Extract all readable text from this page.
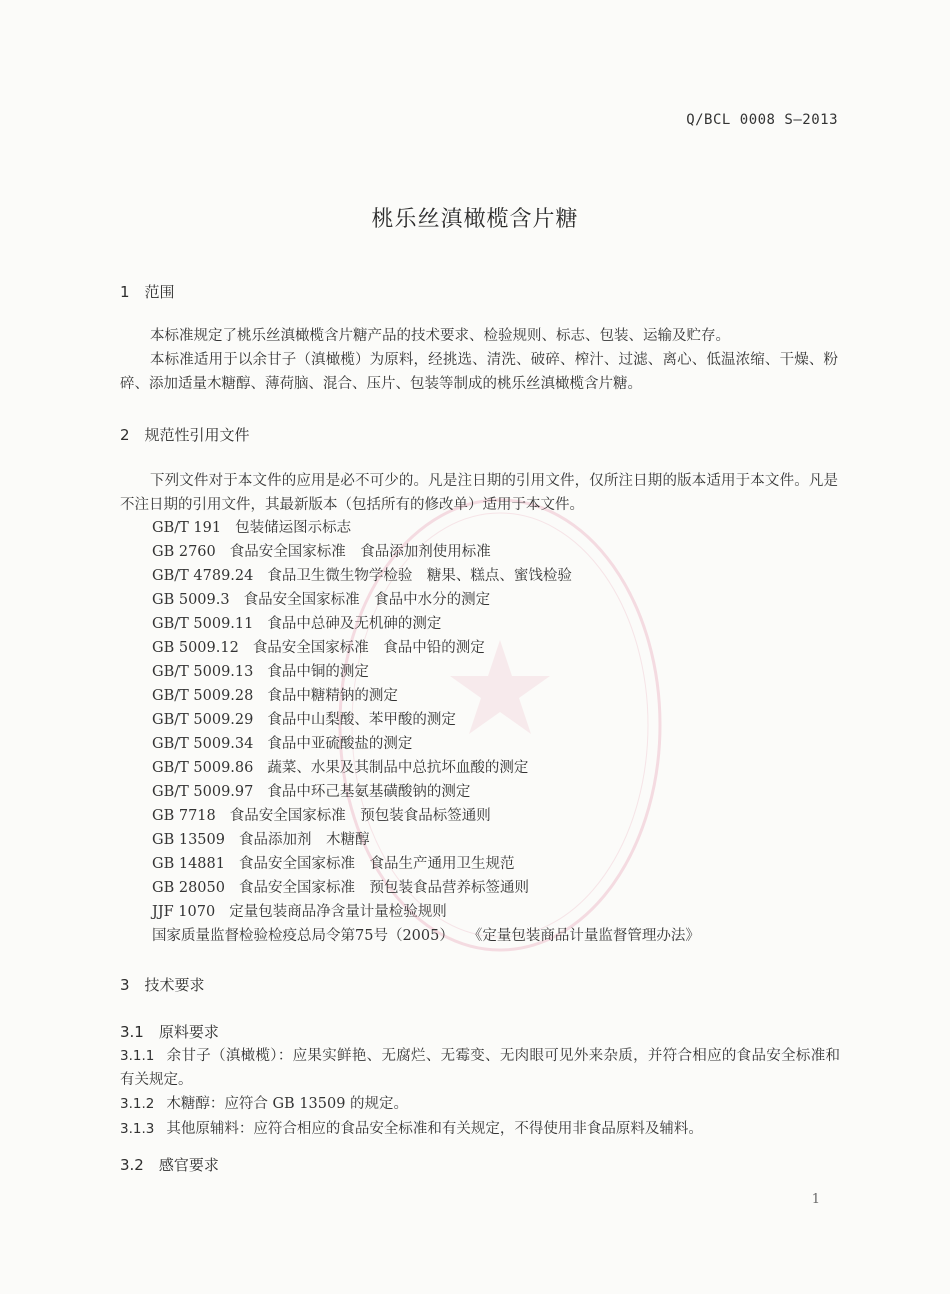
Q/BCL 0008 S—2013
桃乐丝滇橄榄含片糖
1　范围
本标准规定了桃乐丝滇橄榄含片糖产品的技术要求、检验规则、标志、包装、运输及贮存。
本标准适用于以余甘子（滇橄榄）为原料，经挑选、清洗、破碎、榨汁、过滤、离心、低温浓缩、干燥、粉碎、添加适量木糖醇、薄荷脑、混合、压片、包装等制成的桃乐丝滇橄榄含片糖。
2　规范性引用文件
下列文件对于本文件的应用是必不可少的。凡是注日期的引用文件，仅所注日期的版本适用于本文件。凡是不注日期的引用文件，其最新版本（包括所有的修改单）适用于本文件。
GB/T 191 包装储运图示标志
GB 2760 食品安全国家标准　食品添加剂使用标准
GB/T 4789.24 食品卫生微生物学检验　糖果、糕点、蜜饯检验
GB 5009.3 食品安全国家标准　食品中水分的测定
GB/T 5009.11 食品中总砷及无机砷的测定
GB 5009.12 食品安全国家标准　食品中铅的测定
GB/T 5009.13 食品中铜的测定
GB/T 5009.28 食品中糖精钠的测定
GB/T 5009.29 食品中山梨酸、苯甲酸的测定
GB/T 5009.34 食品中亚硫酸盐的测定
GB/T 5009.86 蔬菜、水果及其制品中总抗坏血酸的测定
GB/T 5009.97 食品中环己基氨基磺酸钠的测定
GB 7718 食品安全国家标准　预包装食品标签通则
GB 13509 食品添加剂　木糖醇
GB 14881 食品安全国家标准　食品生产通用卫生规范
GB 28050 食品安全国家标准　预包装食品营养标签通则
JJF 1070 定量包装商品净含量计量检验规则
国家质量监督检验检疫总局令第75号（2005） 《定量包装商品计量监督管理办法》
3　技术要求
3.1　原料要求
3.1.1 余甘子（滇橄榄）：应果实鲜艳、无腐烂、无霉变、无肉眼可见外来杂质，并符合相应的食品安全标准和有关规定。
3.1.2 木糖醇：应符合 GB 13509 的规定。
3.1.3 其他原辅料：应符合相应的食品安全标准和有关规定，不得使用非食品原料及辅料。
3.2　感官要求
1
